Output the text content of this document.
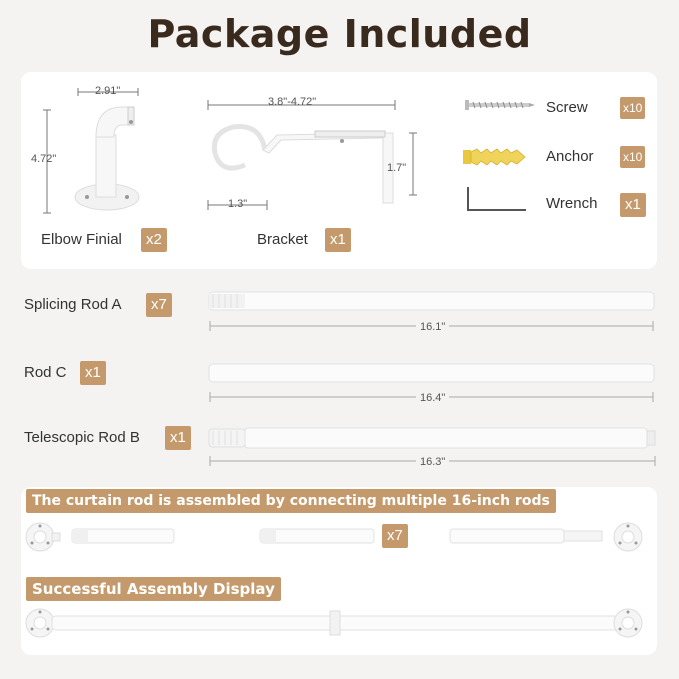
Package Included
2.91"
4.72"
Elbow Finial	x2
3.8"-4.72"
1.7"
1.3"
Bracket	x1
Screw	x10
Anchor x10
Wrench	x1
Splicing Rod A	x7
16.1"
Rod C	x1
16.4"
Telescopic Rod B	x1
16.3"
The curtain rod is assembled by connecting multiple 16-inch rods
x7
Successful Assembly Display
